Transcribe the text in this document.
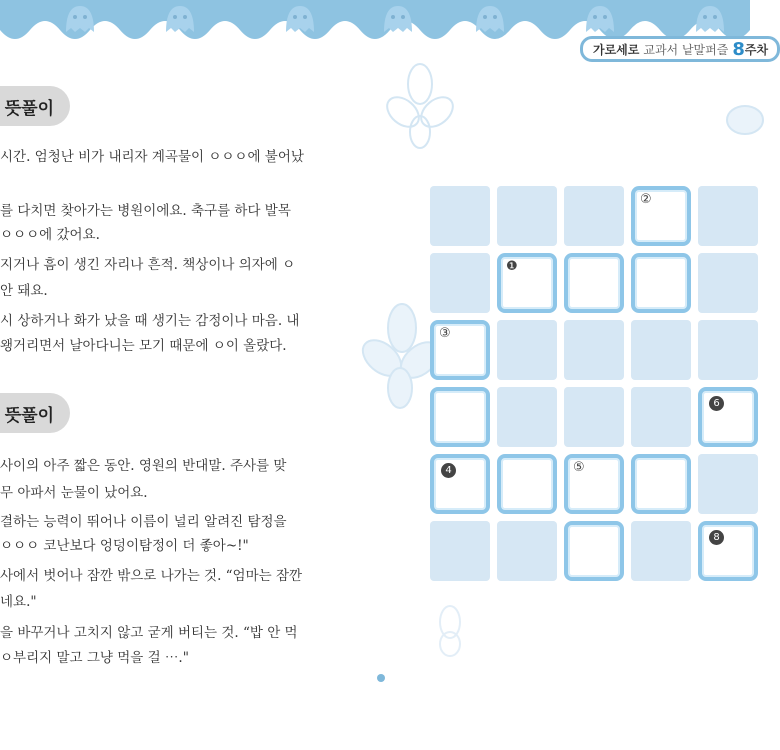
가로세로 교과서 낱말퍼즐 8 주차
뜻풀이
시간. 엄청난 비가 내리자 계곡물이 ㅇㅇㅇ에 불어났
를 다치면 찾아가는 병원이에요. 축구를 하다 발목
ㅇㅇㅇ에 갔어요.
지거나 흠이 생긴 자리나 흔적. 책상이나 의자에 ㅇ
안 돼요.
시 상하거나 화가 났을 때 생기는 감정이나 마음. 내
왱거리면서 날아다니는 모기 때문에 ㅇ이 올랐다.
뜻풀이
사이의 아주 짧은 동안. 영원의 반대말. 주사를 맞
무 아파서 눈물이 났어요.
결하는 능력이 뛰어나 이름이 널리 알려진 탐정을
ㅇㅇㅇ 코난보다 엉덩이탐정이 더 좋아~!"
사에서 벗어나 잠깐 밖으로 나가는 것. “엄마는 잠깐
네요."
을 바꾸거나 고치지 않고 굳게 버티는 것. “밥 안 먹
ㅇ부리지 말고 그냥 먹을 걸 ⋯."
②
❶
③
6
4	⑤
8
